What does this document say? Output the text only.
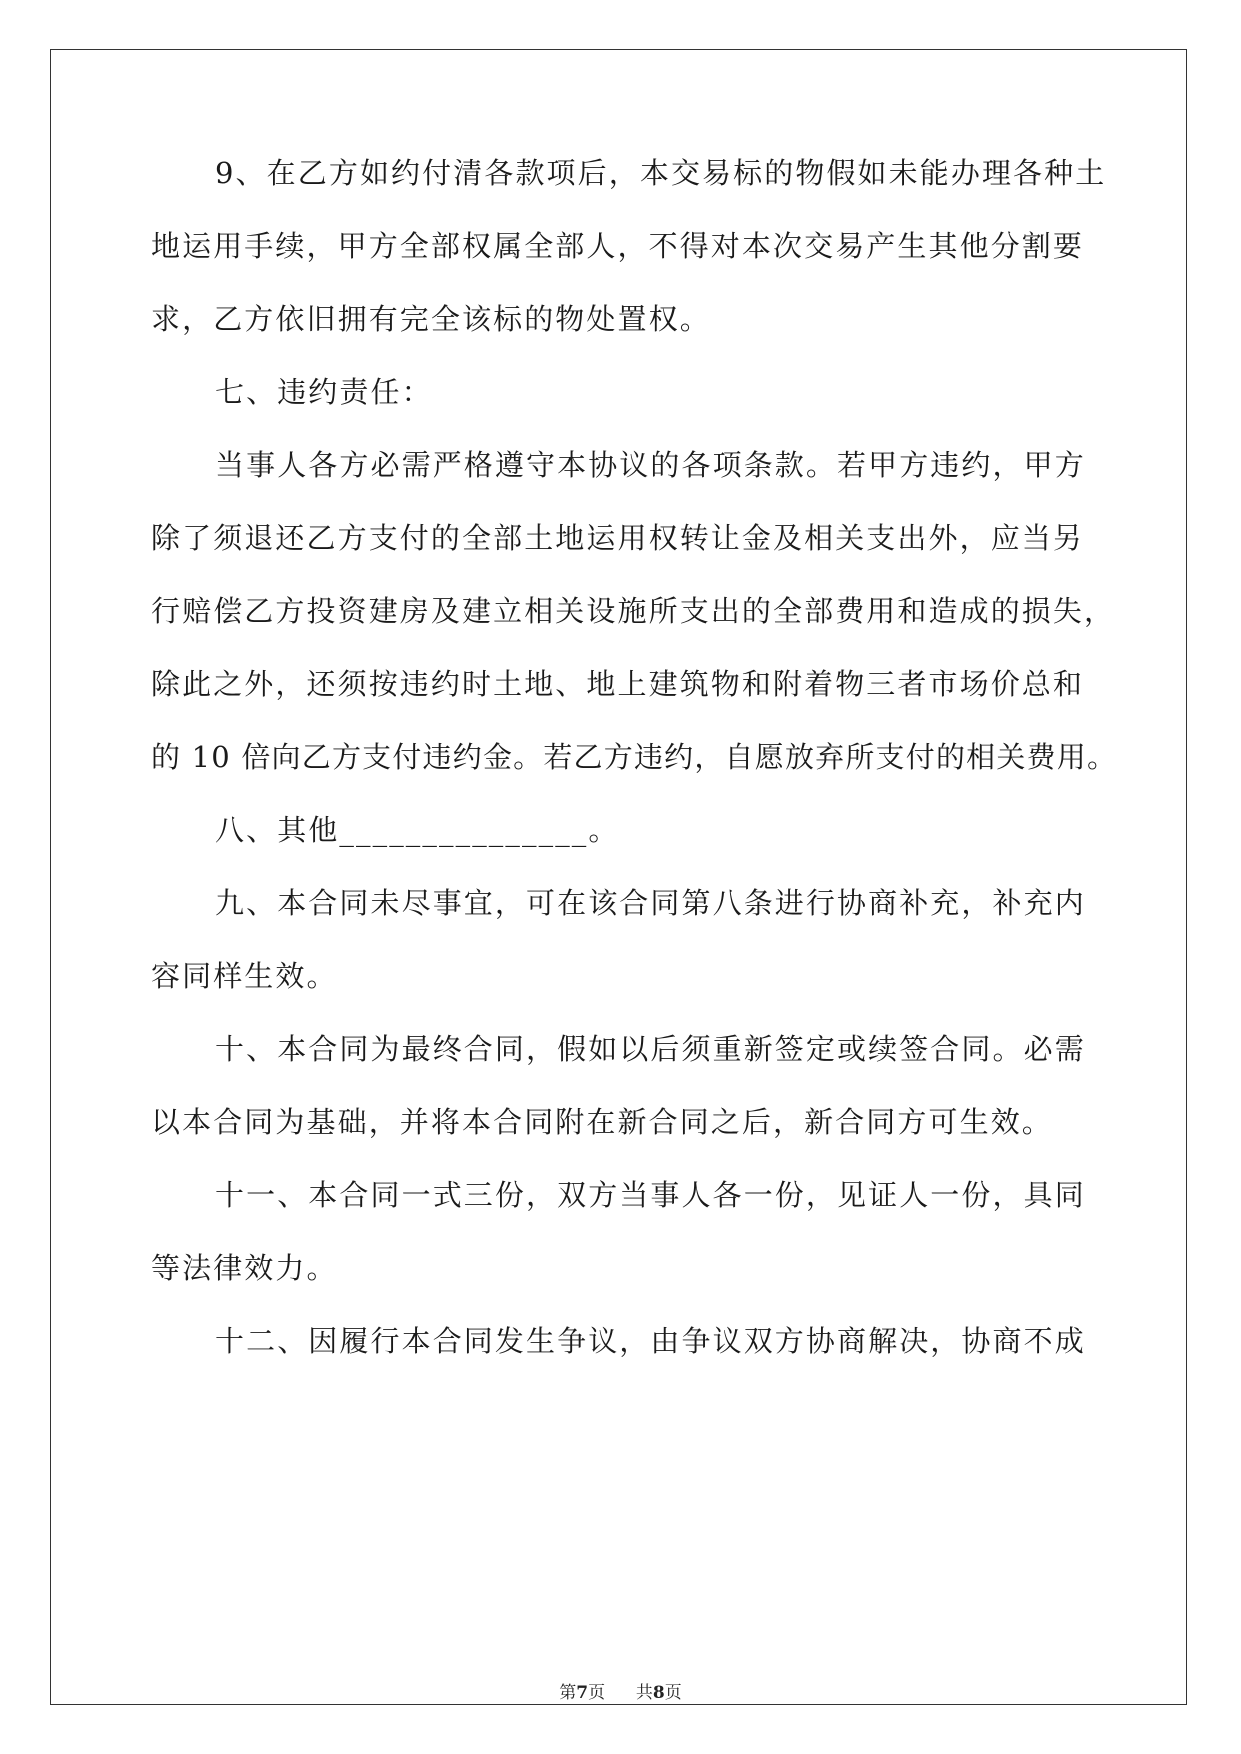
9、在乙方如约付清各款项后，本交易标的物假如未能办理各种土
地运用手续，甲方全部权属全部人，不得对本次交易产生其他分割要
求，乙方依旧拥有完全该标的物处置权。
七、违约责任：
当事人各方必需严格遵守本协议的各项条款。若甲方违约，甲方
除了须退还乙方支付的全部土地运用权转让金及相关支出外，应当另
行赔偿乙方投资建房及建立相关设施所支出的全部费用和造成的损失，
除此之外，还须按违约时土地、地上建筑物和附着物三者市场价总和
的 10 倍向乙方支付违约金。若乙方违约，自愿放弃所支付的相关费用。
八、其他_______________。
九、本合同未尽事宜，可在该合同第八条进行协商补充，补充内
容同样生效。
十、本合同为最终合同，假如以后须重新签定或续签合同。必需
以本合同为基础，并将本合同附在新合同之后，新合同方可生效。
十一、本合同一式三份，双方当事人各一份，见证人一份，具同
等法律效力。
十二、因履行本合同发生争议，由争议双方协商解决，协商不成
第7页 共8页
